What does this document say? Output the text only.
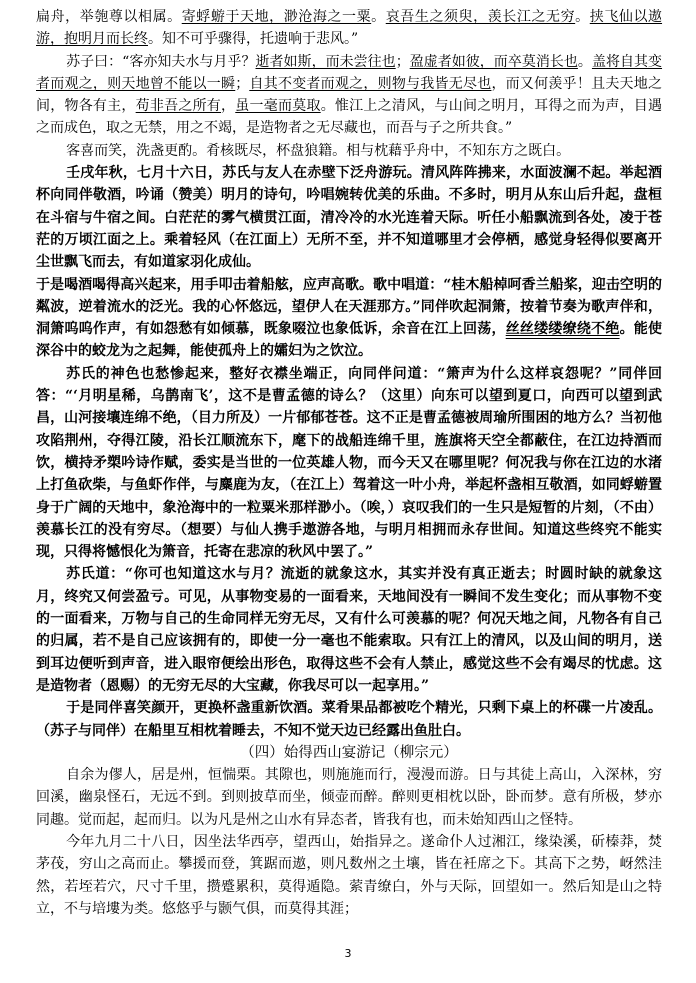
扁舟，举匏尊以相属。寄蜉蝣于天地，渺沧海之一粟。哀吾生之须臾，羡长江之无穷。挟飞仙以遨游，抱明月而长终。知不可乎骤得，托遗响于悲风。”

苏子曰：“客亦知夫水与月乎？逝者如斯，而未尝往也；盈虚者如彼，而卒莫消长也。盖将自其变者而观之，则天地曾不能以一瞬；自其不变者而观之，则物与我皆无尽也，而又何羡乎！且夫天地之间，物各有主，苟非吾之所有，虽一毫而莫取。惟江上之清风，与山间之明月，耳得之而为声，目遇之而成色，取之无禁，用之不竭，是造物者之无尽藏也，而吾与子之所共食。”

客喜而笑，洗盏更酌。肴核既尽，杯盘狼籍。相与枕藉乎舟中，不知东方之既白。

壬戌年秋，七月十六日，苏氏与友人在赤壁下泛舟游玩。清风阵阵拂来，水面波澜不起。举起酒杯向同伴敬酒，吟诵（赞美）明月的诗句，吟唱婉转优美的乐曲。不多时，明月从东山后升起，盘桓在斗宿与牛宿之间。白茫茫的雾气横贯江面，清冷冷的水光连着天际。听任小船飘流到各处，凌于苍茫的万顷江面之上。乘着轻风（在江面上）无所不至，并不知道哪里才会停栖，感觉身轻得似要离开尘世飘飞而去，有如道家羽化成仙。

于是喝酒喝得高兴起来，用手叩击着船舷，应声高歌。歌中唱道：“桂木船棹呵香兰船桨，迎击空明的粼波，逆着流水的泛光。我的心怀悠远，望伊人在天涯那方。”同伴吹起洞箫，按着节奏为歌声伴和，洞箫呜呜作声，有如怨愁有如倾慕，既象啜泣也象低诉，余音在江上回荡，丝丝缕缕缭绕不绝。能使深谷中的蛟龙为之起舞，能使孤舟上的孀妇为之饮泣。

苏氏的神色也愁惨起来，整好衣襟坐端正，向同伴问道：“箫声为什么这样哀怨呢？”同伴回答：“‘月明星稀，乌鹊南飞’，这不是曹孟德的诗么？（这里）向东可以望到夏口，向西可以望到武昌，山河接壤连绵不绝，（目力所及）一片郁郁苍苍。这不正是曹孟德被周瑜所围困的地方么？当初他攻陷荆州，夺得江陵，沿长江顺流东下，麾下的战船连绵千里，旌旗将天空全都蔽住，在江边持酒而饮，横持矛槊吟诗作赋，委实是当世的一位英雄人物，而今天又在哪里呢？何况我与你在江边的水渚上打鱼砍柴，与鱼虾作伴，与麋鹿为友，（在江上）驾着这一叶小舟，举起杯盏相互敬酒，如同蜉蝣置身于广阔的天地中，象沧海中的一粒粟米那样渺小。（唉，）哀叹我们的一生只是短暂的片刻，（不由）羡慕长江的没有穷尽。（想要）与仙人携手遨游各地，与明月相拥而永存世间。知道这些终究不能实现，只得将憾恨化为箫音，托寄在悲凉的秋风中罢了。”

苏氏道：“你可也知道这水与月？流逝的就象这水，其实并没有真正逝去；时圆时缺的就象这月，终究又何尝盈亏。可见，从事物变易的一面看来，天地间没有一瞬间不发生变化；而从事物不变的一面看来，万物与自己的生命同样无穷无尽，又有什么可羡慕的呢？何况天地之间，凡物各有自己的归属，若不是自己应该拥有的，即使一分一毫也不能索取。只有江上的清风，以及山间的明月，送到耳边便听到声音，进入眼帘便绘出形色，取得这些不会有人禁止，感觉这些不会有竭尽的忧虑。这是造物者（恩赐）的无穷无尽的大宝藏，你我尽可以一起享用。”

于是同伴喜笑颜开，更换杯盏重新饮酒。菜肴果品都被吃个精光，只剩下桌上的杯碟一片凌乱。（苏子与同伴）在船里互相枕着睡去，不知不觉天边已经露出鱼肚白。

（四）始得西山宴游记（柳宗元）

自余为僇人，居是州，恒惴栗。其隙也，则施施而行，漫漫而游。日与其徒上高山，入深林，穷回溪，幽泉怪石，无远不到。到则披草而坐，倾壶而醉。醉则更相枕以卧，卧而梦。意有所极，梦亦同趣。觉而起，起而归。以为凡是州之山水有异态者，皆我有也，而未始知西山之怪特。

今年九月二十八日，因坐法华西亭，望西山，始指异之。遂命仆人过湘江，缘染溪，斫榛莽，焚茅茷，穷山之高而止。攀援而登，箕踞而遨，则凡数州之土壤，皆在衽席之下。其高下之势，岈然洼然，若垤若穴，尺寸千里，攒蹙累积，莫得遁隐。萦青缭白，外与天际，回望如一。然后知是山之特立，不与培塿为类。悠悠乎与颢气俱，而莫得其涯；

3
